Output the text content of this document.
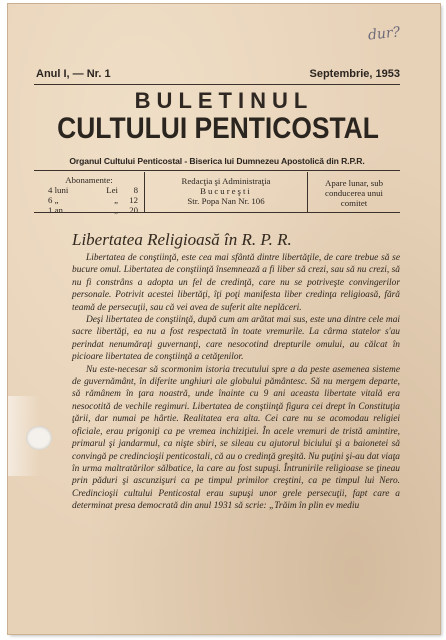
dur?
Anul I, — Nr. 1	Septembrie, 1953
BULETINUL
CULTULUI PENTICOSTAL
Organul Cultului Penticostal - Biserica lui Dumnezeu Apostolică din R.P.R.
Abonamente:
4 luni	Lei	8
6 „	„	12
1 an	„	20
Redacţia şi Administraţia
Bucureşti
Str. Popa Nan Nr. 106
Apare lunar, sub
conducerea unui
comitet
Libertatea Religioasă în R. P. R.

Libertatea de conştiinţă, este cea mai sfântă dintre libertăţile, de care trebue să se bucure omul. Libertatea de conştiinţă însemnează a fi liber să crezi, sau să nu crezi, să nu fi constrâns a adopta un fel de credinţă, care nu se potriveşte convingerilor personale. Potrivit acestei libertăţi, îţi poţi manifesta liber credinţa religioasă, fără teamă de persecuţii, sau că vei avea de suferit alte neplăceri.

Deşi libertatea de conştiinţă, după cum am arătat mai sus, este una dintre cele mai sacre libertăţi, ea nu a fost respectată în toate vremurile. La cârma statelor s'au perindat nenumăraţi guvernanţi, care nesocotind drepturile omului, au călcat în picioare libertatea de conştiinţă a cetăţenilor.

Nu este-necesar să scormonim istoria trecutului spre a da peste asemenea sisteme de guvernământ, în diferite unghiuri ale globului pământesc. Să nu mergem departe, să rămânem în ţara noastră, unde înainte cu 9 ani aceasta libertate vitală era nesocotită de vechile regimuri. Libertatea de conştiinţă figura cei drept în Constituţia ţării, dar numai pe hârtie. Realitatea era alta. Cei care nu se acomodau religiei oficiale, erau prigoniţi ca pe vremea inchiziţiei. În acele vremuri de tristă amintire, primarul şi jandarmul, ca nişte sbiri, se sileau cu ajutorul biciului şi a baionetei să convingă pe credincioşii penticostali, că au o credinţă greşită. Nu puţini şi-au dat viaţa în urma maltratărilor sălbatice, la care au fost supuşi. Întrunirile religioase se ţineau prin păduri şi ascunzişuri ca pe timpul primilor creştini, ca pe timpul lui Nero. Credincioşii cultului Penticostal erau supuşi unor grele persecuţii, fapt care a determinat presa democrată din anul 1931 să scrie: „Trăim în plin ev mediu
